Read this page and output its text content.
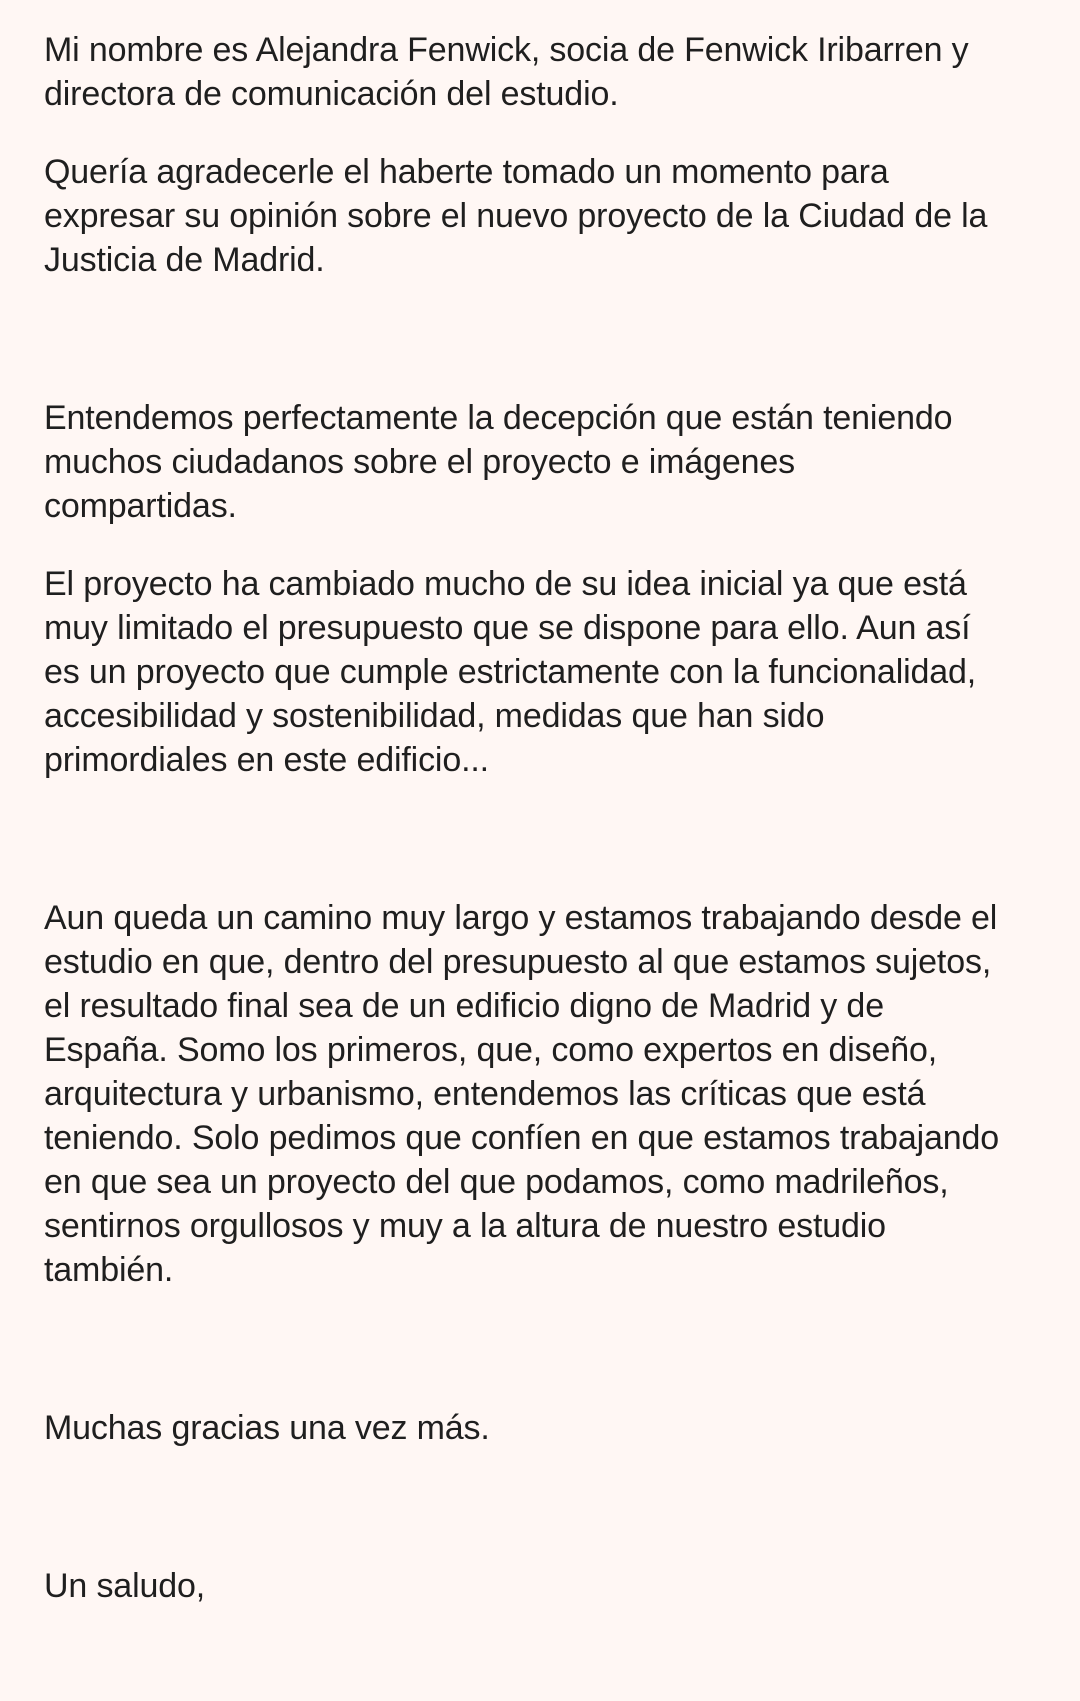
Mi nombre es Alejandra Fenwick, socia de Fenwick Iribarren y
directora de comunicación del estudio.

Quería agradecerle el haberte tomado un momento para
expresar su opinión sobre el nuevo proyecto de la Ciudad de la
Justicia de Madrid.

Entendemos perfectamente la decepción que están teniendo
muchos ciudadanos sobre el proyecto e imágenes
compartidas.

El proyecto ha cambiado mucho de su idea inicial ya que está
muy limitado el presupuesto que se dispone para ello. Aun así
es un proyecto que cumple estrictamente con la funcionalidad,
accesibilidad y sostenibilidad, medidas que han sido
primordiales en este edificio...

Aun queda un camino muy largo y estamos trabajando desde el
estudio en que, dentro del presupuesto al que estamos sujetos,
el resultado final sea de un edificio digno de Madrid y de
España. Somo los primeros, que, como expertos en diseño,
arquitectura y urbanismo, entendemos las críticas que está
teniendo. Solo pedimos que confíen en que estamos trabajando
en que sea un proyecto del que podamos, como madrileños,
sentirnos orgullosos y muy a la altura de nuestro estudio
también.

Muchas gracias una vez más.

Un saludo,
